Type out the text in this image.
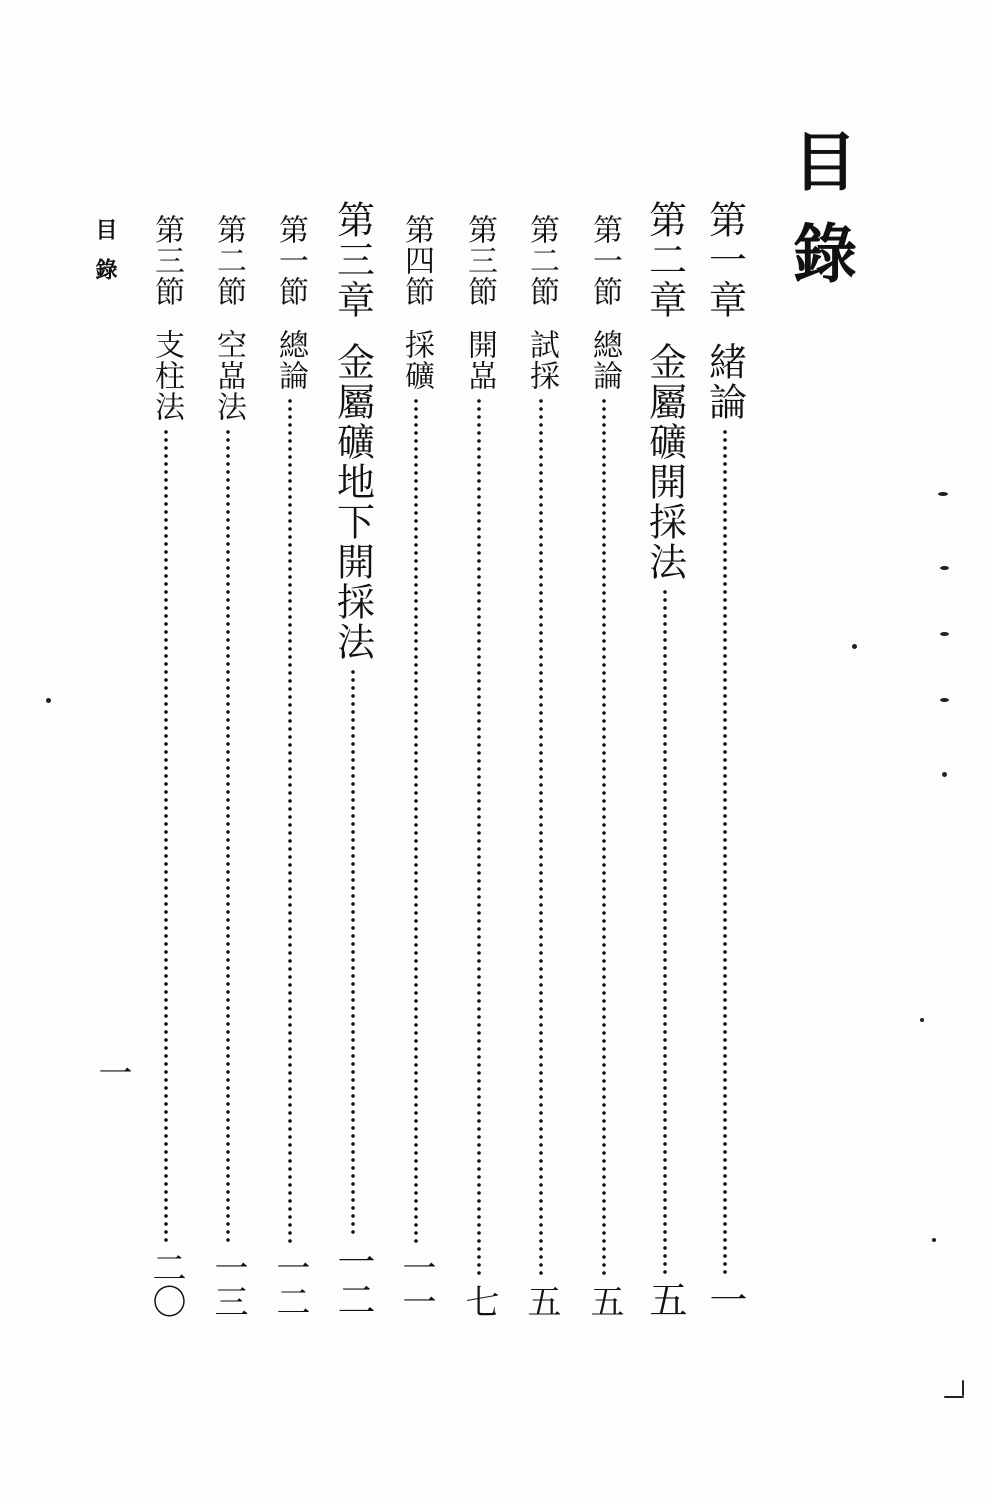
目錄
第一章緒論
一
第二章金屬礦開採法
五
第一節總論
五
第二節試採
五
第三節開嵓
七
第四節採礦
一一
第三章金屬礦地下開採法
一二
第一節總論
一二
第二節空嵓法
一三
第三節支柱法
二〇
目錄
一
